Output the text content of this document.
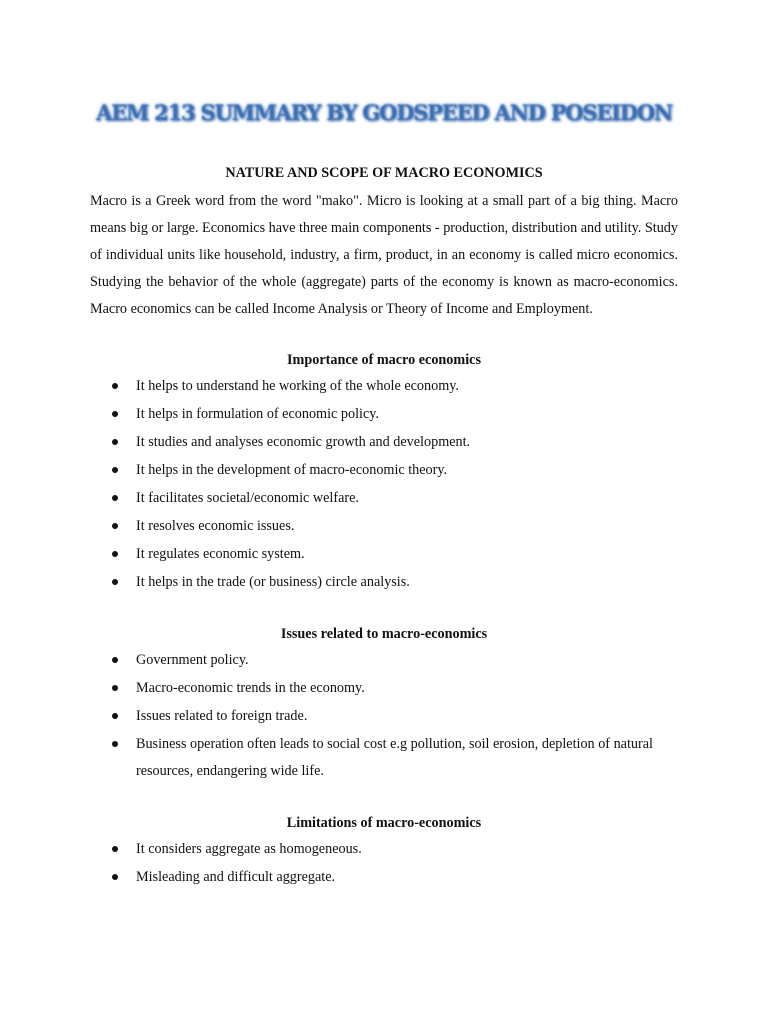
AEM 213 SUMMARY BY GODSPEED AND POSEIDON
NATURE AND SCOPE OF MACRO ECONOMICS

Macro is a Greek word from the word "mako". Micro is looking at a small part of a big thing. Macro means big or large. Economics have three main components - production, distribution and utility. Study of individual units like household, industry, a firm, product, in an economy is called micro economics. Studying the behavior of the whole (aggregate) parts of the economy is known as macro-economics. Macro economics can be called Income Analysis or Theory of Income and Employment.

Importance of macro economics
It helps to understand he working of the whole economy.
It helps in formulation of economic policy.
It studies and analyses economic growth and development.
It helps in the development of macro-economic theory.
It facilitates societal/economic welfare.
It resolves economic issues.
It regulates economic system.
It helps in the trade (or business) circle analysis.
Issues related to macro-economics
Government policy.
Macro-economic trends in the economy.
Issues related to foreign trade.
Business operation often leads to social cost e.g pollution, soil erosion, depletion of natural resources, endangering wide life.
Limitations of macro-economics
It considers aggregate as homogeneous.
Misleading and difficult aggregate.
